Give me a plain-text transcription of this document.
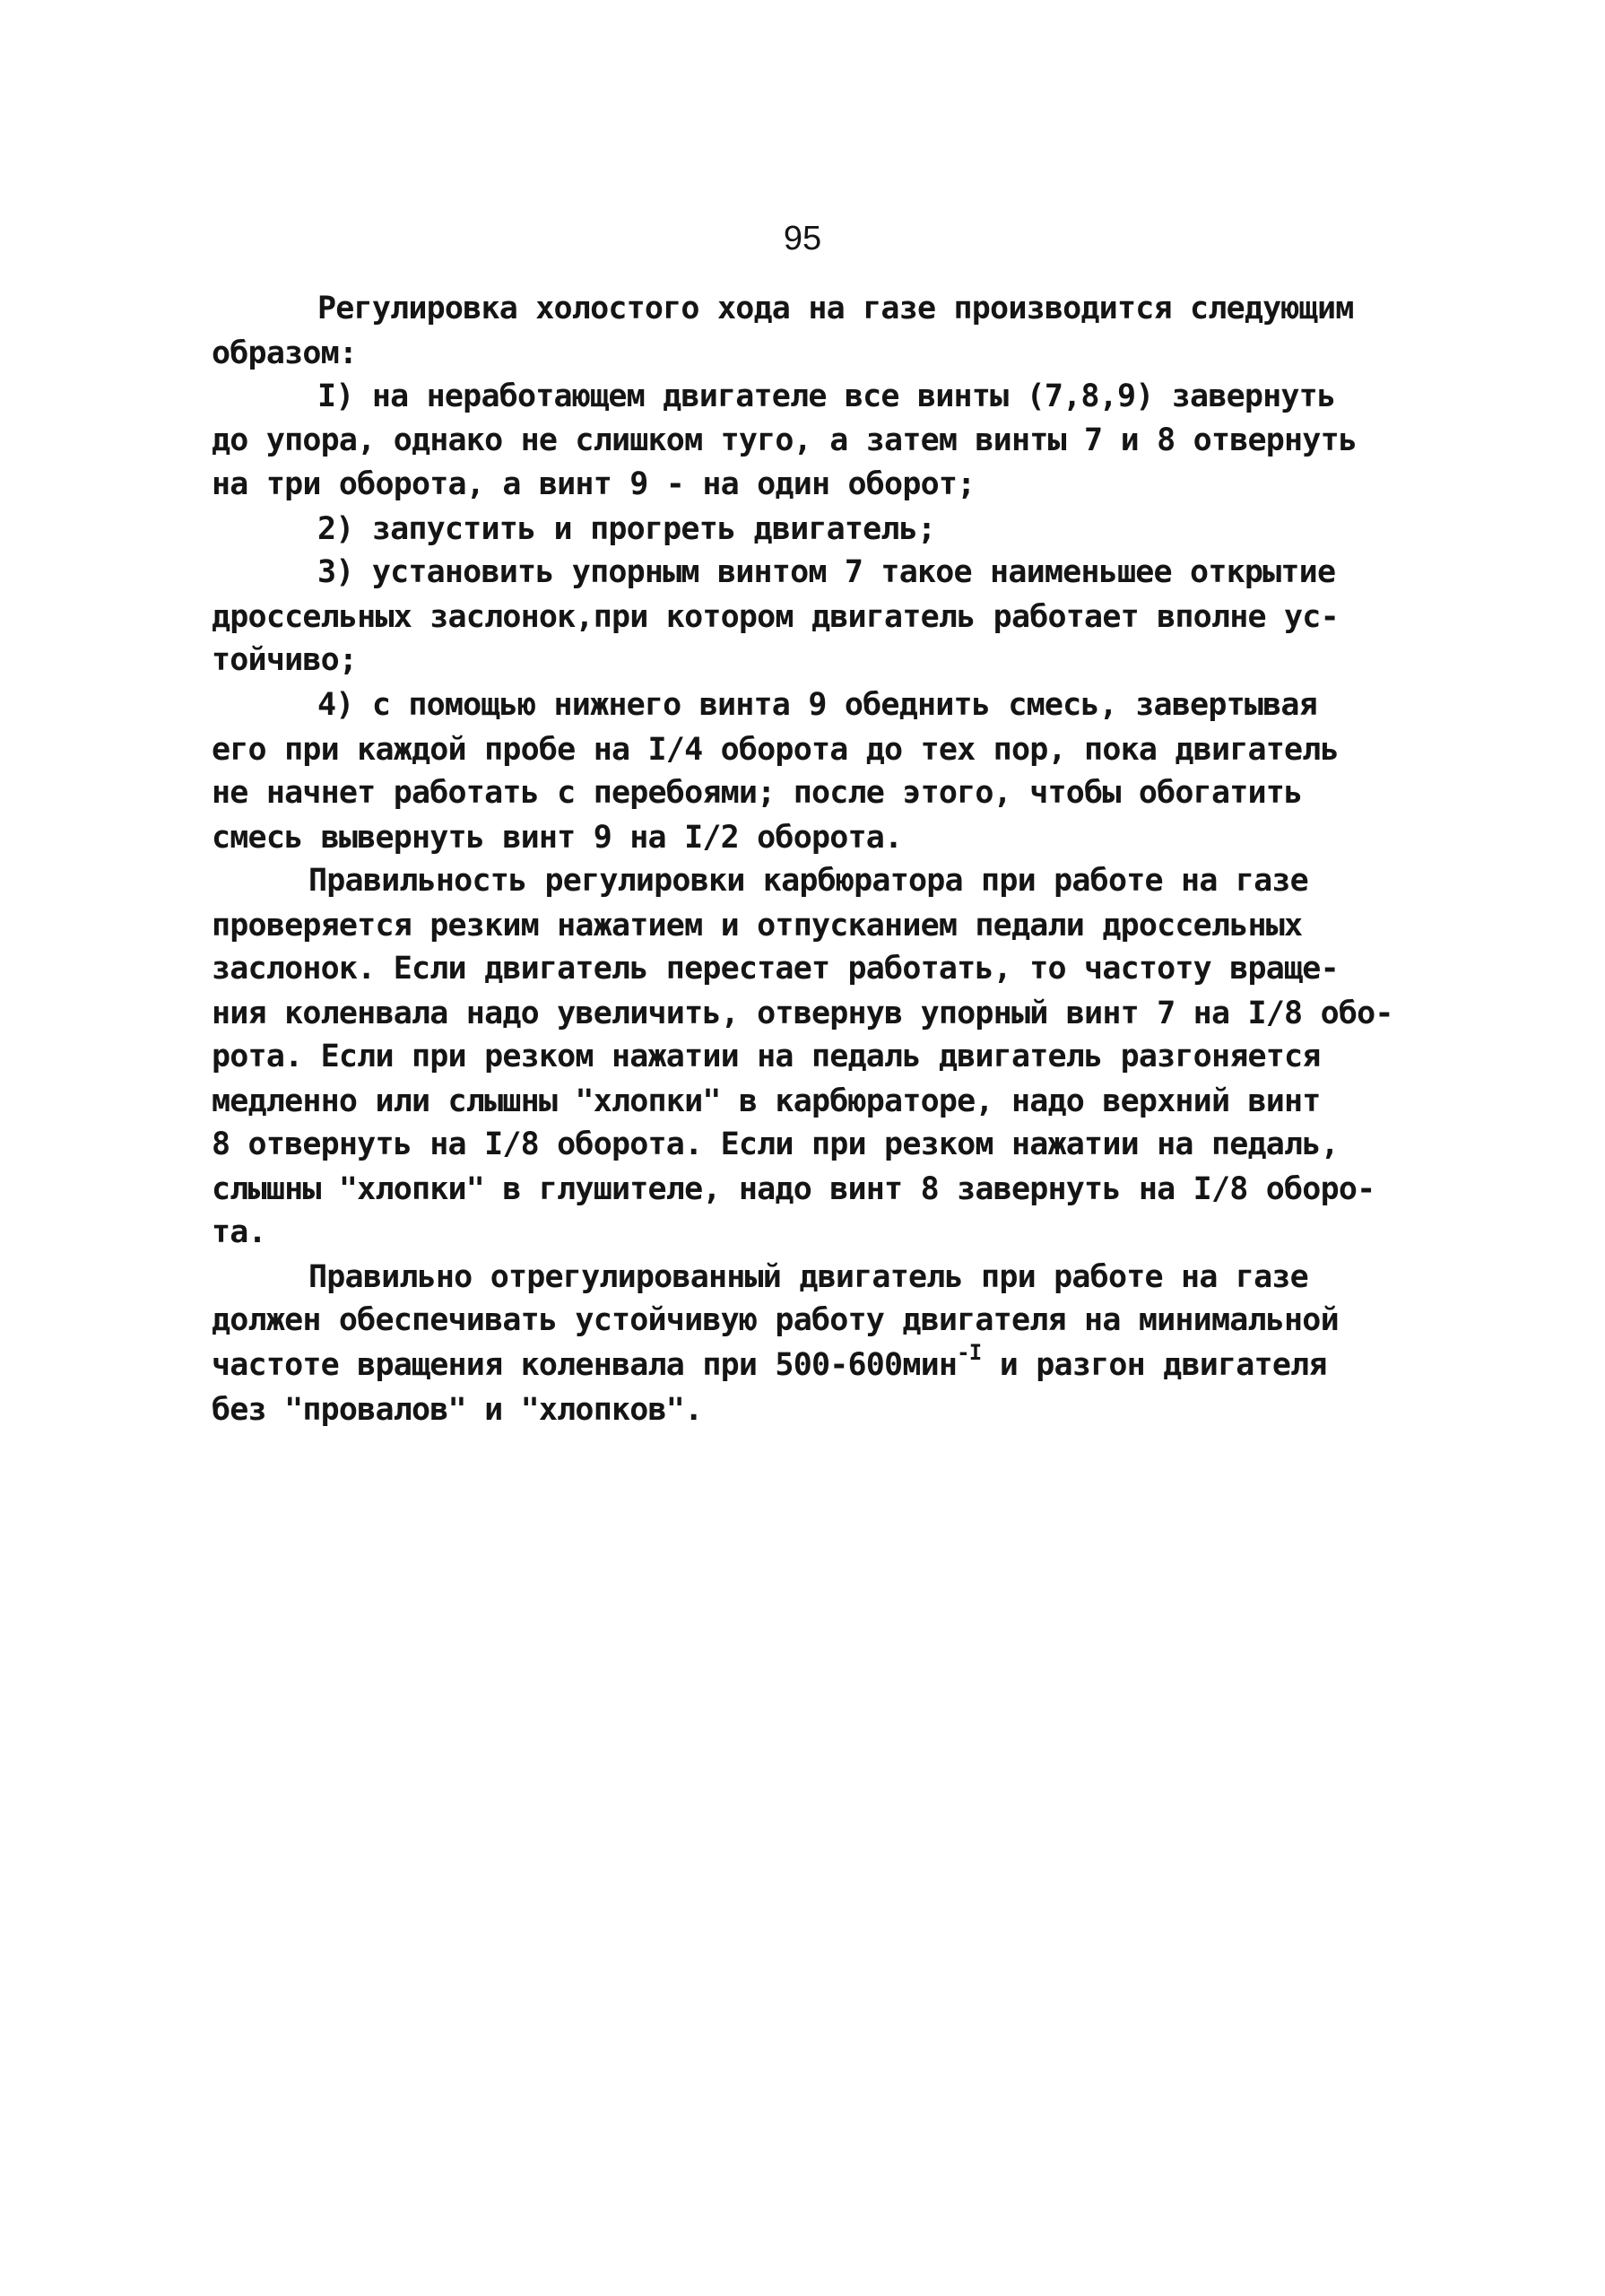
95
Регулировка холостого хода на газе производится следующим
образом:
I) на неработающем двигателе все винты (7,8,9) завернуть
до упора, однако не слишком туго, а затем винты 7 и 8 отвернуть
на три оборота, а винт 9 - на один оборот;
2) запустить и прогреть двигатель;
3) установить упорным винтом 7 такое наименьшее открытие
дроссельных заслонок,при котором двигатель работает вполне ус-
тойчиво;
4) с помощью нижнего винта 9 обеднить смесь, завертывая
его при каждой пробе на I/4 оборота до тех пор, пока двигатель
не начнет работать с перебоями; после этого, чтобы обогатить
смесь вывернуть винт 9 на I/2 оборота.
Правильность регулировки карбюратора при работе на газе
проверяется резким нажатием и отпусканием педали дроссельных
заслонок. Если двигатель перестает работать, то частоту враще-
ния коленвала надо увеличить, отвернув упорный винт 7 на I/8 обо-
рота. Если при резком нажатии на педаль двигатель разгоняется
медленно или слышны "хлопки" в карбюраторе, надо верхний винт
8 отвернуть на I/8 оборота. Если при резком нажатии на педаль,
слышны "хлопки" в глушителе, надо винт 8 завернуть на I/8 оборо-
та.
Правильно отрегулированный двигатель при работе на газе
должен обеспечивать устойчивую работу двигателя на минимальной
частоте вращения коленвала при 500-600мин$^{-I}$ и разгон двигателя
без "провалов" и "хлопков".
